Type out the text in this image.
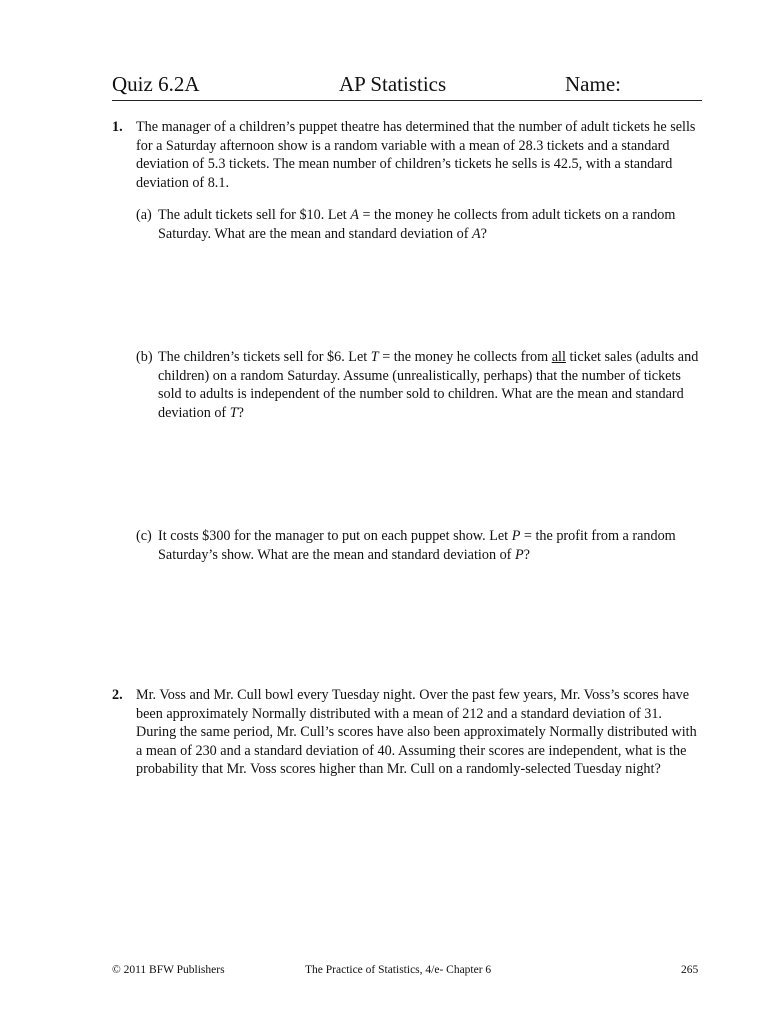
Quiz 6.2A	AP Statistics	Name:
1. The manager of a children’s puppet theatre has determined that the number of adult tickets he sells for a Saturday afternoon show is a random variable with a mean of 28.3 tickets and a standard deviation of 5.3 tickets. The mean number of children’s tickets he sells is 42.5, with a standard deviation of 8.1.
(a) The adult tickets sell for $10. Let A = the money he collects from adult tickets on a random Saturday. What are the mean and standard deviation of A?
(b) The children’s tickets sell for $6. Let T = the money he collects from all ticket sales (adults and children) on a random Saturday. Assume (unrealistically, perhaps) that the number of tickets sold to adults is independent of the number sold to children. What are the mean and standard deviation of T?
(c) It costs $300 for the manager to put on each puppet show. Let P = the profit from a random Saturday’s show. What are the mean and standard deviation of P?
2. Mr. Voss and Mr. Cull bowl every Tuesday night. Over the past few years, Mr. Voss’s scores have been approximately Normally distributed with a mean of 212 and a standard deviation of 31. During the same period, Mr. Cull’s scores have also been approximately Normally distributed with a mean of 230 and a standard deviation of 40. Assuming their scores are independent, what is the probability that Mr. Voss scores higher than Mr. Cull on a randomly-selected Tuesday night?
© 2011 BFW Publishers	The Practice of Statistics, 4/e- Chapter 6	265
